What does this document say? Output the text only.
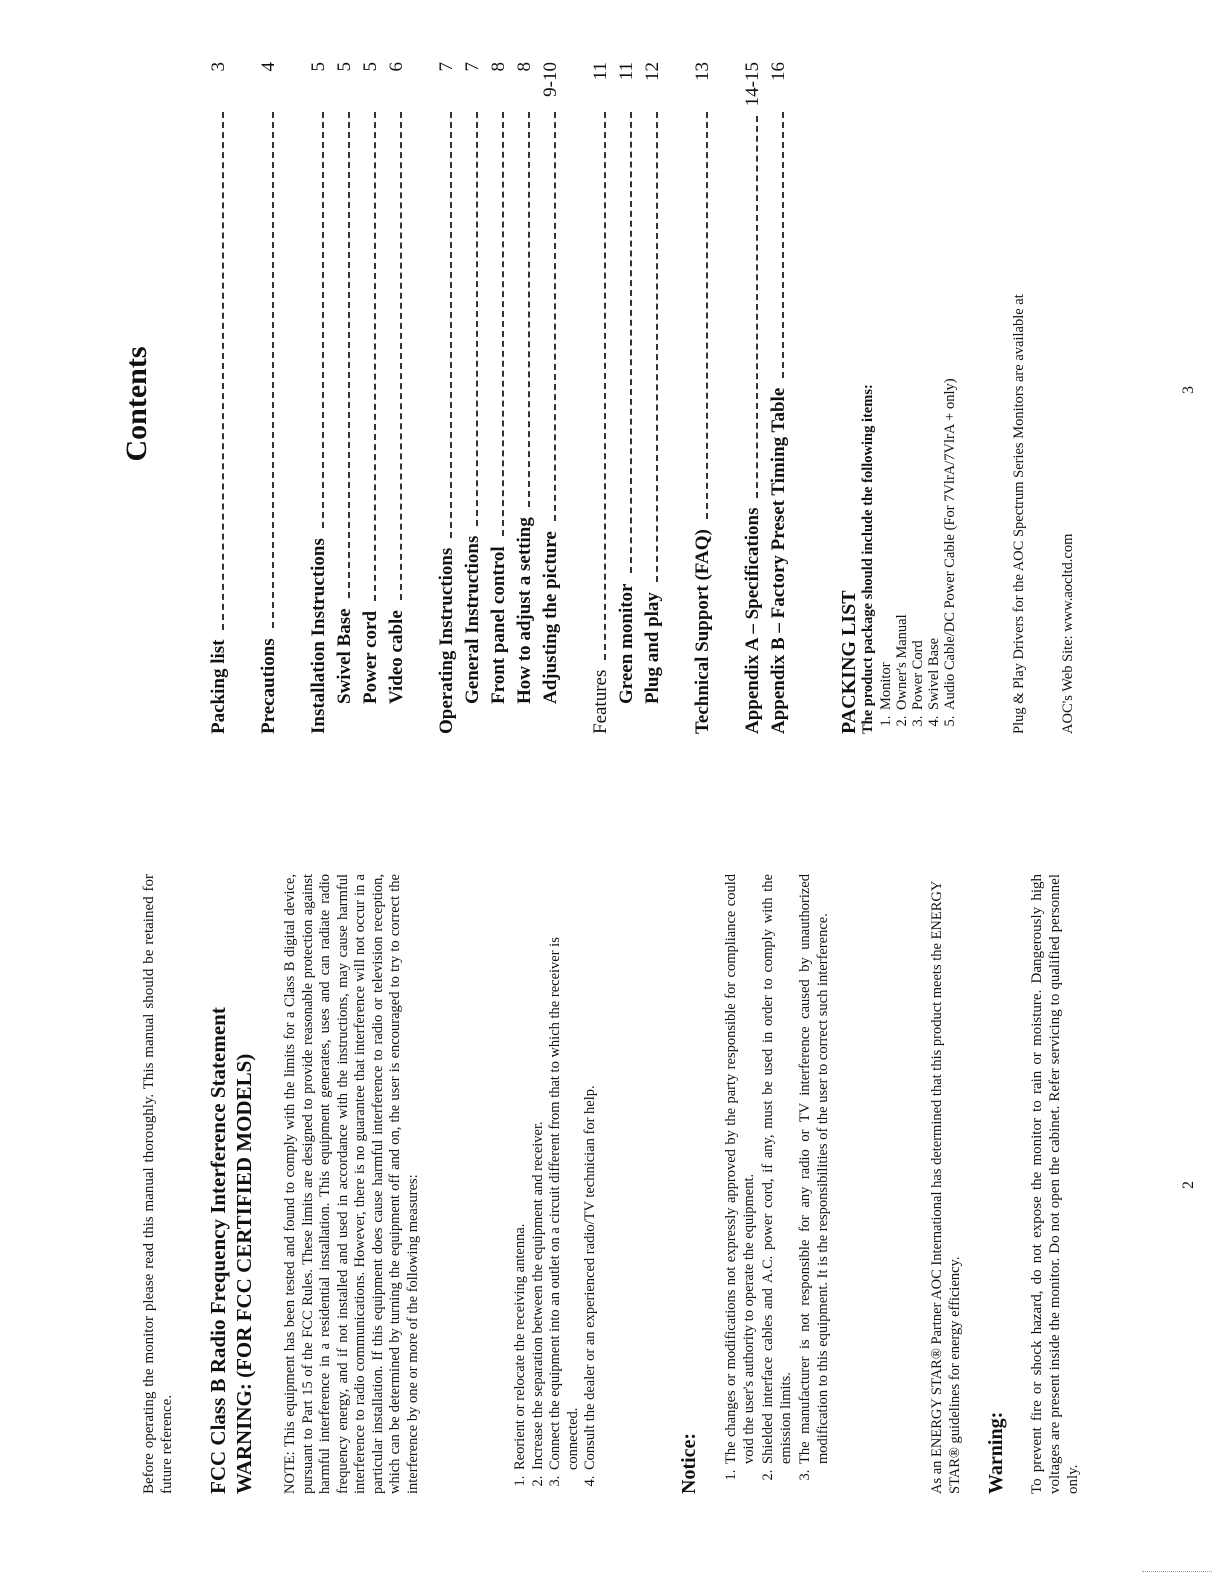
Before operating the monitor please read this manual thoroughly. This manual should be retained for future reference. FCC Class B Radio Frequency Interference Statement WARNING: (FOR FCC CERTIFIED MODELS) NOTE: This equipment has been tested and found to comply with the limits for a Class B digital device, pursuant to Part 15 of the FCC Rules. These limits are designed to provide reasonable protection against harmful interference in a residential installation. This equipment generates, uses and can radiate radio frequency energy, and if not installed and used in accordance with the instructions, may cause harmful interference to radio communications. However, there is no guarantee that interference will not occur in a particular installation. If this equipment does cause harmful interference to radio or television reception, which can be determined by turning the equipment off and on, the user is encouraged to try to correct the interference by one or more of the following measures:	1. Reorient or relocate the receiving antenna. 2. Increase the separation between the equipment and receiver. 3. Connect the equipment into an outlet on a circuit different from that to which the receiver is connected. 4. Consult the dealer or an experienced radio/TV technician for help.	Notice: 1. The changes or modifications not expressly approved by the party responsible for compliance could void the user's authority to operate the equipment. 2. Shielded interface cables and A.C. power cord, if any, must be used in order to comply with the emission limits. 3. The manufacturer is not responsible for any radio or TV interference caused by unauthorized modification to this equipment. It is the responsibilities of the user to correct such interference.	As an ENERGY STAR® Partner AOC International has determined that this product meets the ENERGY STAR® guidelines for energy efficiency. Warning: To prevent fire or shock hazard, do not expose the monitor to rain or moisture. Dangerously high voltages are present inside the monitor. Do not open the cabinet. Refer servicing to qualified personnel only.
2
Contents
Packing list
3
Precautions
4
Installation Instructions
5
Swivel Base
5
Power cord
5
Video cable
6
Operating Instructions
7
General Instructions
7
Front panel control
8
How to adjust a setting
8
Adjusting the picture
9-10
Features
11
Green monitor
11
Plug and play
12
Technical Support (FAQ)
13
Appendix A – Specifications
14-15
Appendix B – Factory Preset Timing Table
16
PACKING LIST The product package should include the following items: 1. Monitor 2. Owner's Manual 3. Power Cord 4. Swivel Base 5. Audio Cable/DC Power Cable (For 7VlrA/7VlrA + only)	Plug & Play Drivers for the AOC Spectrum Series Monitors are available at AOC's Web Site: www.aocltd.com
3
